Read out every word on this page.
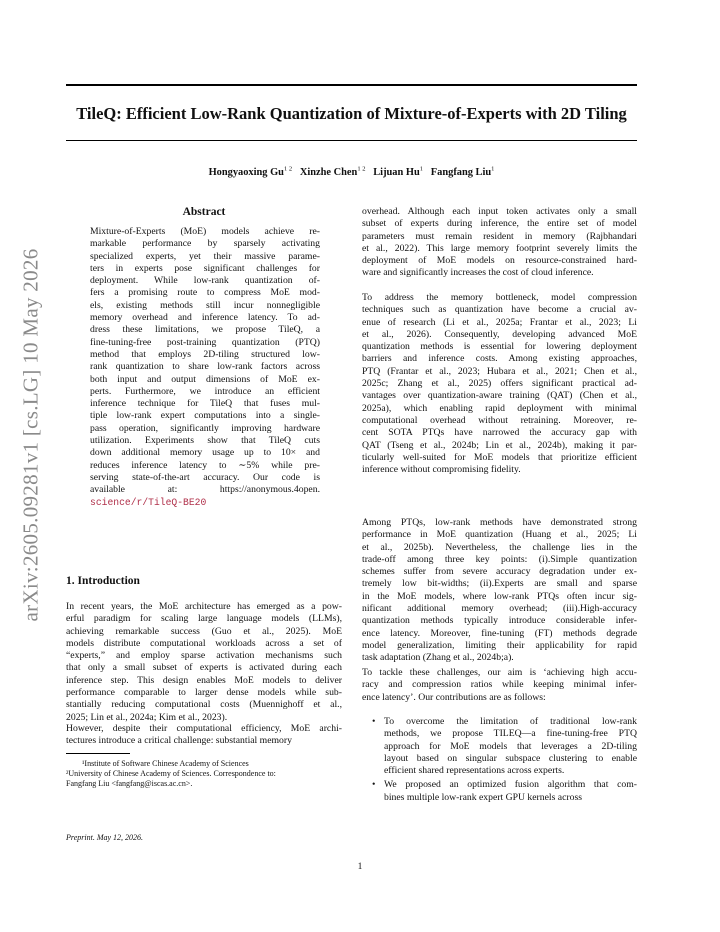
TileQ: Efficient Low-Rank Quantization of Mixture-of-Experts with 2D Tiling
Hongyaoxing $Gu^{1 2}$ Xinzhe Chen$^{1 2}$ Lijuan Hu$^1$ Fangfang Liu$^1$
arXiv:2605.09281v1 [cs.LG] 10 May 2026
Abstract
Mixture-of-Experts (MoE) models achieve re-
markable performance by sparsely activating
specialized experts, yet their massive parame-
ters in experts pose significant challenges for
deployment. While low-rank quantization of-
fers a promising route to compress MoE mod-
els, existing methods still incur nonnegligible
memory overhead and inference latency. To ad-
dress these limitations, we propose TileQ, a
fine-tuning-free post-training quantization (PTQ)
method that employs 2D-tiling structured low-
rank quantization to share low-rank factors across
both input and output dimensions of MoE ex-
perts. Furthermore, we introduce an efficient
inference technique for TileQ that fuses mul-
tiple low-rank expert computations into a single-
pass operation, significantly improving hardware
utilization. Experiments show that TileQ cuts
down additional memory usage up to 10× and
reduces inference latency to ∼5% while pre-
serving state-of-the-art accuracy. Our code is
available at: https://anonymous.4open.
science/r/TileQ-BE20
1. Introduction
In recent years, the MoE architecture has emerged as a pow-
erful paradigm for scaling large language models (LLMs),
achieving remarkable success (Guo et al., 2025). MoE
models distribute computational workloads across a set of
“experts,” and employ sparse activation mechanisms such
that only a small subset of experts is activated during each
inference step. This design enables MoE models to deliver
performance comparable to larger dense models while sub-
stantially reducing computational costs (Muennighoff et al.,
2025; Lin et al., 2024a; Kim et al., 2023).
However, despite their computational efficiency, MoE archi-
tectures introduce a critical challenge: substantial memory
¹Institute of Software Chinese Academy of Sciences
²University of Chinese Academy of Sciences. Correspondence to:
Fangfang Liu <fangfang@iscas.ac.cn>.
Preprint. May 12, 2026.
overhead. Although each input token activates only a small
subset of experts during inference, the entire set of model
parameters must remain resident in memory (Rajbhandari
et al., 2022). This large memory footprint severely limits the
deployment of MoE models on resource-constrained hard-
ware and significantly increases the cost of cloud inference.
To address the memory bottleneck, model compression
techniques such as quantization have become a crucial av-
enue of research (Li et al., 2025a; Frantar et al., 2023; Li
et al., 2026). Consequently, developing advanced MoE
quantization methods is essential for lowering deployment
barriers and inference costs. Among existing approaches,
PTQ (Frantar et al., 2023; Hubara et al., 2021; Chen et al.,
2025c; Zhang et al., 2025) offers significant practical ad-
vantages over quantization-aware training (QAT) (Chen et al.,
2025a), which enabling rapid deployment with minimal
computational overhead without retraining. Moreover, re-
cent SOTA PTQs have narrowed the accuracy gap with
QAT (Tseng et al., 2024b; Lin et al., 2024b), making it par-
ticularly well-suited for MoE models that prioritize efficient
inference without compromising fidelity.
Among PTQs, low-rank methods have demonstrated strong
performance in MoE quantization (Huang et al., 2025; Li
et al., 2025b). Nevertheless, the challenge lies in the
trade-off among three key points: (i).Simple quantization
schemes suffer from severe accuracy degradation under ex-
tremely low bit-widths; (ii).Experts are small and sparse
in the MoE models, where low-rank PTQs often incur sig-
nificant additional memory overhead; (iii).High-accuracy
quantization methods typically introduce considerable infer-
ence latency. Moreover, fine-tuning (FT) methods degrade
model generalization, limiting their applicability for rapid
task adaptation (Zhang et al., 2024b;a).
To tackle these challenges, our aim is ‘achieving high accu-
racy and compression ratios while keeping minimal infer-
ence latency’. Our contributions are as follows:
• To overcome the limitation of traditional low-rank
methods, we propose TILEQ—a fine-tuning-free PTQ
approach for MoE models that leverages a 2D-tiling
layout based on singular subspace clustering to enable
efficient shared representations across experts.
• We proposed an optimized fusion algorithm that com-
bines multiple low-rank expert GPU kernels across
1
